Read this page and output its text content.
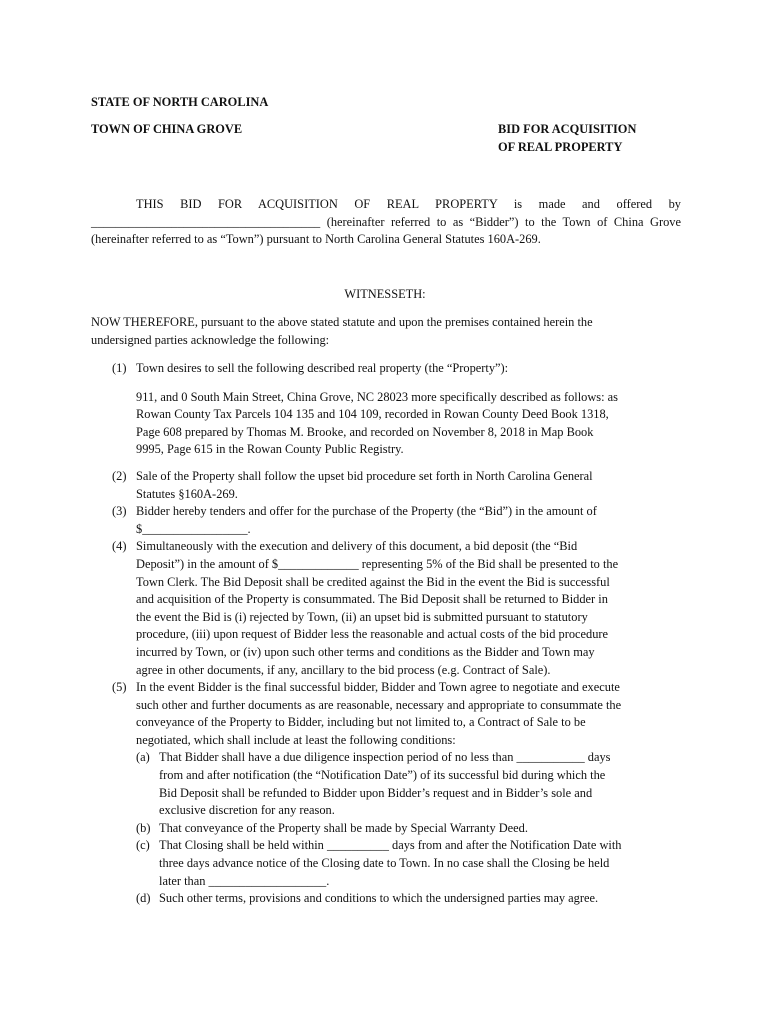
STATE OF NORTH CAROLINA
TOWN OF CHINA GROVE	BID FOR ACQUISITION
OF REAL PROPERTY
THIS BID FOR ACQUISITION OF REAL PROPERTY is made and offered by _____________________________________ (hereinafter referred to as “Bidder”) to the Town of China Grove (hereinafter referred to as “Town”) pursuant to North Carolina General Statutes 160A-269.
WITNESSETH:
NOW THEREFORE, pursuant to the above stated statute and upon the premises contained herein the
undersigned parties acknowledge the following:
(1) Town desires to sell the following described real property (the “Property”):
911, and 0 South Main Street, China Grove, NC 28023 more specifically described as follows: as
Rowan County Tax Parcels 104 135 and 104 109, recorded in Rowan County Deed Book 1318,
Page 608 prepared by Thomas M. Brooke, and recorded on November 8, 2018 in Map Book
9995, Page 615 in the Rowan County Public Registry.
(2) Sale of the Property shall follow the upset bid procedure set forth in North Carolina General
Statutes §160A-269.
(3) Bidder hereby tenders and offer for the purchase of the Property (the “Bid”) in the amount of
$_________________.
(4) Simultaneously with the execution and delivery of this document, a bid deposit (the “Bid
Deposit”) in the amount of $_____________ representing 5% of the Bid shall be presented to the
Town Clerk. The Bid Deposit shall be credited against the Bid in the event the Bid is successful
and acquisition of the Property is consummated. The Bid Deposit shall be returned to Bidder in
the event the Bid is (i) rejected by Town, (ii) an upset bid is submitted pursuant to statutory
procedure, (iii) upon request of Bidder less the reasonable and actual costs of the bid procedure
incurred by Town, or (iv) upon such other terms and conditions as the Bidder and Town may
agree in other documents, if any, ancillary to the bid process (e.g. Contract of Sale).
(5) In the event Bidder is the final successful bidder, Bidder and Town agree to negotiate and execute
such other and further documents as are reasonable, necessary and appropriate to consummate the
conveyance of the Property to Bidder, including but not limited to, a Contract of Sale to be
negotiated, which shall include at least the following conditions:
(a) That Bidder shall have a due diligence inspection period of no less than ___________ days
from and after notification (the “Notification Date”) of its successful bid during which the
Bid Deposit shall be refunded to Bidder upon Bidder’s request and in Bidder’s sole and
exclusive discretion for any reason.
(b) That conveyance of the Property shall be made by Special Warranty Deed.
(c) That Closing shall be held within __________ days from and after the Notification Date with
three days advance notice of the Closing date to Town. In no case shall the Closing be held
later than ___________________.
(d) Such other terms, provisions and conditions to which the undersigned parties may agree.
